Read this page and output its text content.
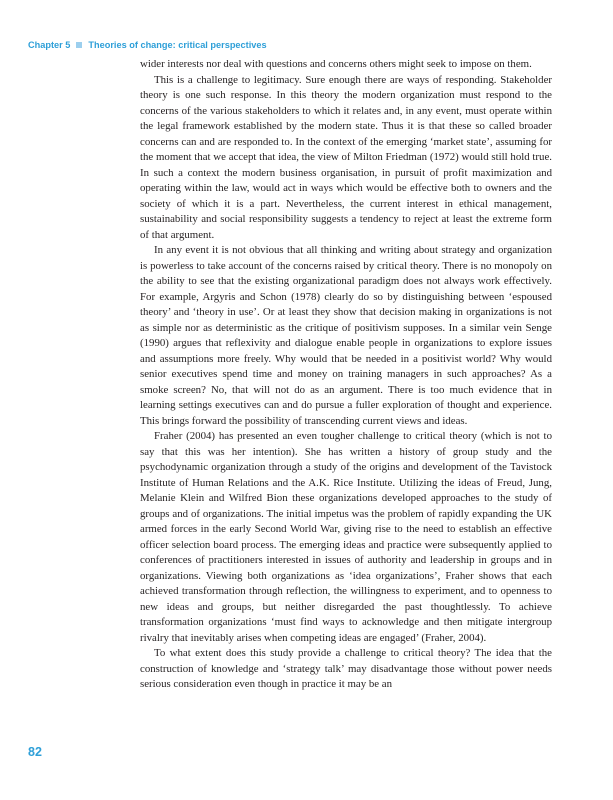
Chapter 5 Theories of change: critical perspectives

wider interests nor deal with questions and concerns others might seek to impose on them.

This is a challenge to legitimacy. Sure enough there are ways of responding. Stakeholder theory is one such response. In this theory the modern organization must respond to the concerns of the various stakeholders to which it relates and, in any event, must operate within the legal framework established by the modern state. Thus it is that these so called broader concerns can and are responded to. In the context of the emerging ‘market state’, assuming for the moment that we accept that idea, the view of Milton Friedman (1972) would still hold true. In such a context the modern business organisation, in pursuit of profit maximization and operating within the law, would act in ways which would be effective both to owners and the society of which it is a part. Nevertheless, the current interest in ethical management, sustainability and social responsibility suggests a tendency to reject at least the extreme form of that argument.

In any event it is not obvious that all thinking and writing about strategy and organization is powerless to take account of the concerns raised by critical theory. There is no monopoly on the ability to see that the existing organizational paradigm does not always work effectively. For example, Argyris and Schon (1978) clearly do so by distinguishing between ‘espoused theory’ and ‘theory in use’. Or at least they show that decision making in organizations is not as simple nor as deterministic as the critique of positivism supposes. In a similar vein Senge (1990) argues that reflexivity and dialogue enable people in organizations to explore issues and assumptions more freely. Why would that be needed in a positivist world? Why would senior executives spend time and money on training managers in such approaches? As a smoke screen? No, that will not do as an argument. There is too much evidence that in learning settings executives can and do pursue a fuller exploration of thought and experience. This brings forward the possibility of transcending current views and ideas.

Fraher (2004) has presented an even tougher challenge to critical theory (which is not to say that this was her intention). She has written a history of group study and the psychodynamic organization through a study of the origins and development of the Tavistock Institute of Human Relations and the A.K. Rice Institute. Utilizing the ideas of Freud, Jung, Melanie Klein and Wilfred Bion these organizations developed approaches to the study of groups and of organizations. The initial impetus was the problem of rapidly expanding the UK armed forces in the early Second World War, giving rise to the need to establish an effective officer selection board process. The emerging ideas and practice were subsequently applied to conferences of practitioners interested in issues of authority and leadership in groups and in organizations. Viewing both organizations as ‘idea organizations’, Fraher shows that each achieved transformation through reflection, the willingness to experiment, and to openness to new ideas and groups, but neither disregarded the past thoughtlessly. To achieve transformation organizations ‘must find ways to acknowledge and then mitigate intergroup rivalry that inevitably arises when competing ideas are engaged’ (Fraher, 2004).

To what extent does this study provide a challenge to critical theory? The idea that the construction of knowledge and ‘strategy talk’ may disadvantage those without power needs serious consideration even though in practice it may be an

82
